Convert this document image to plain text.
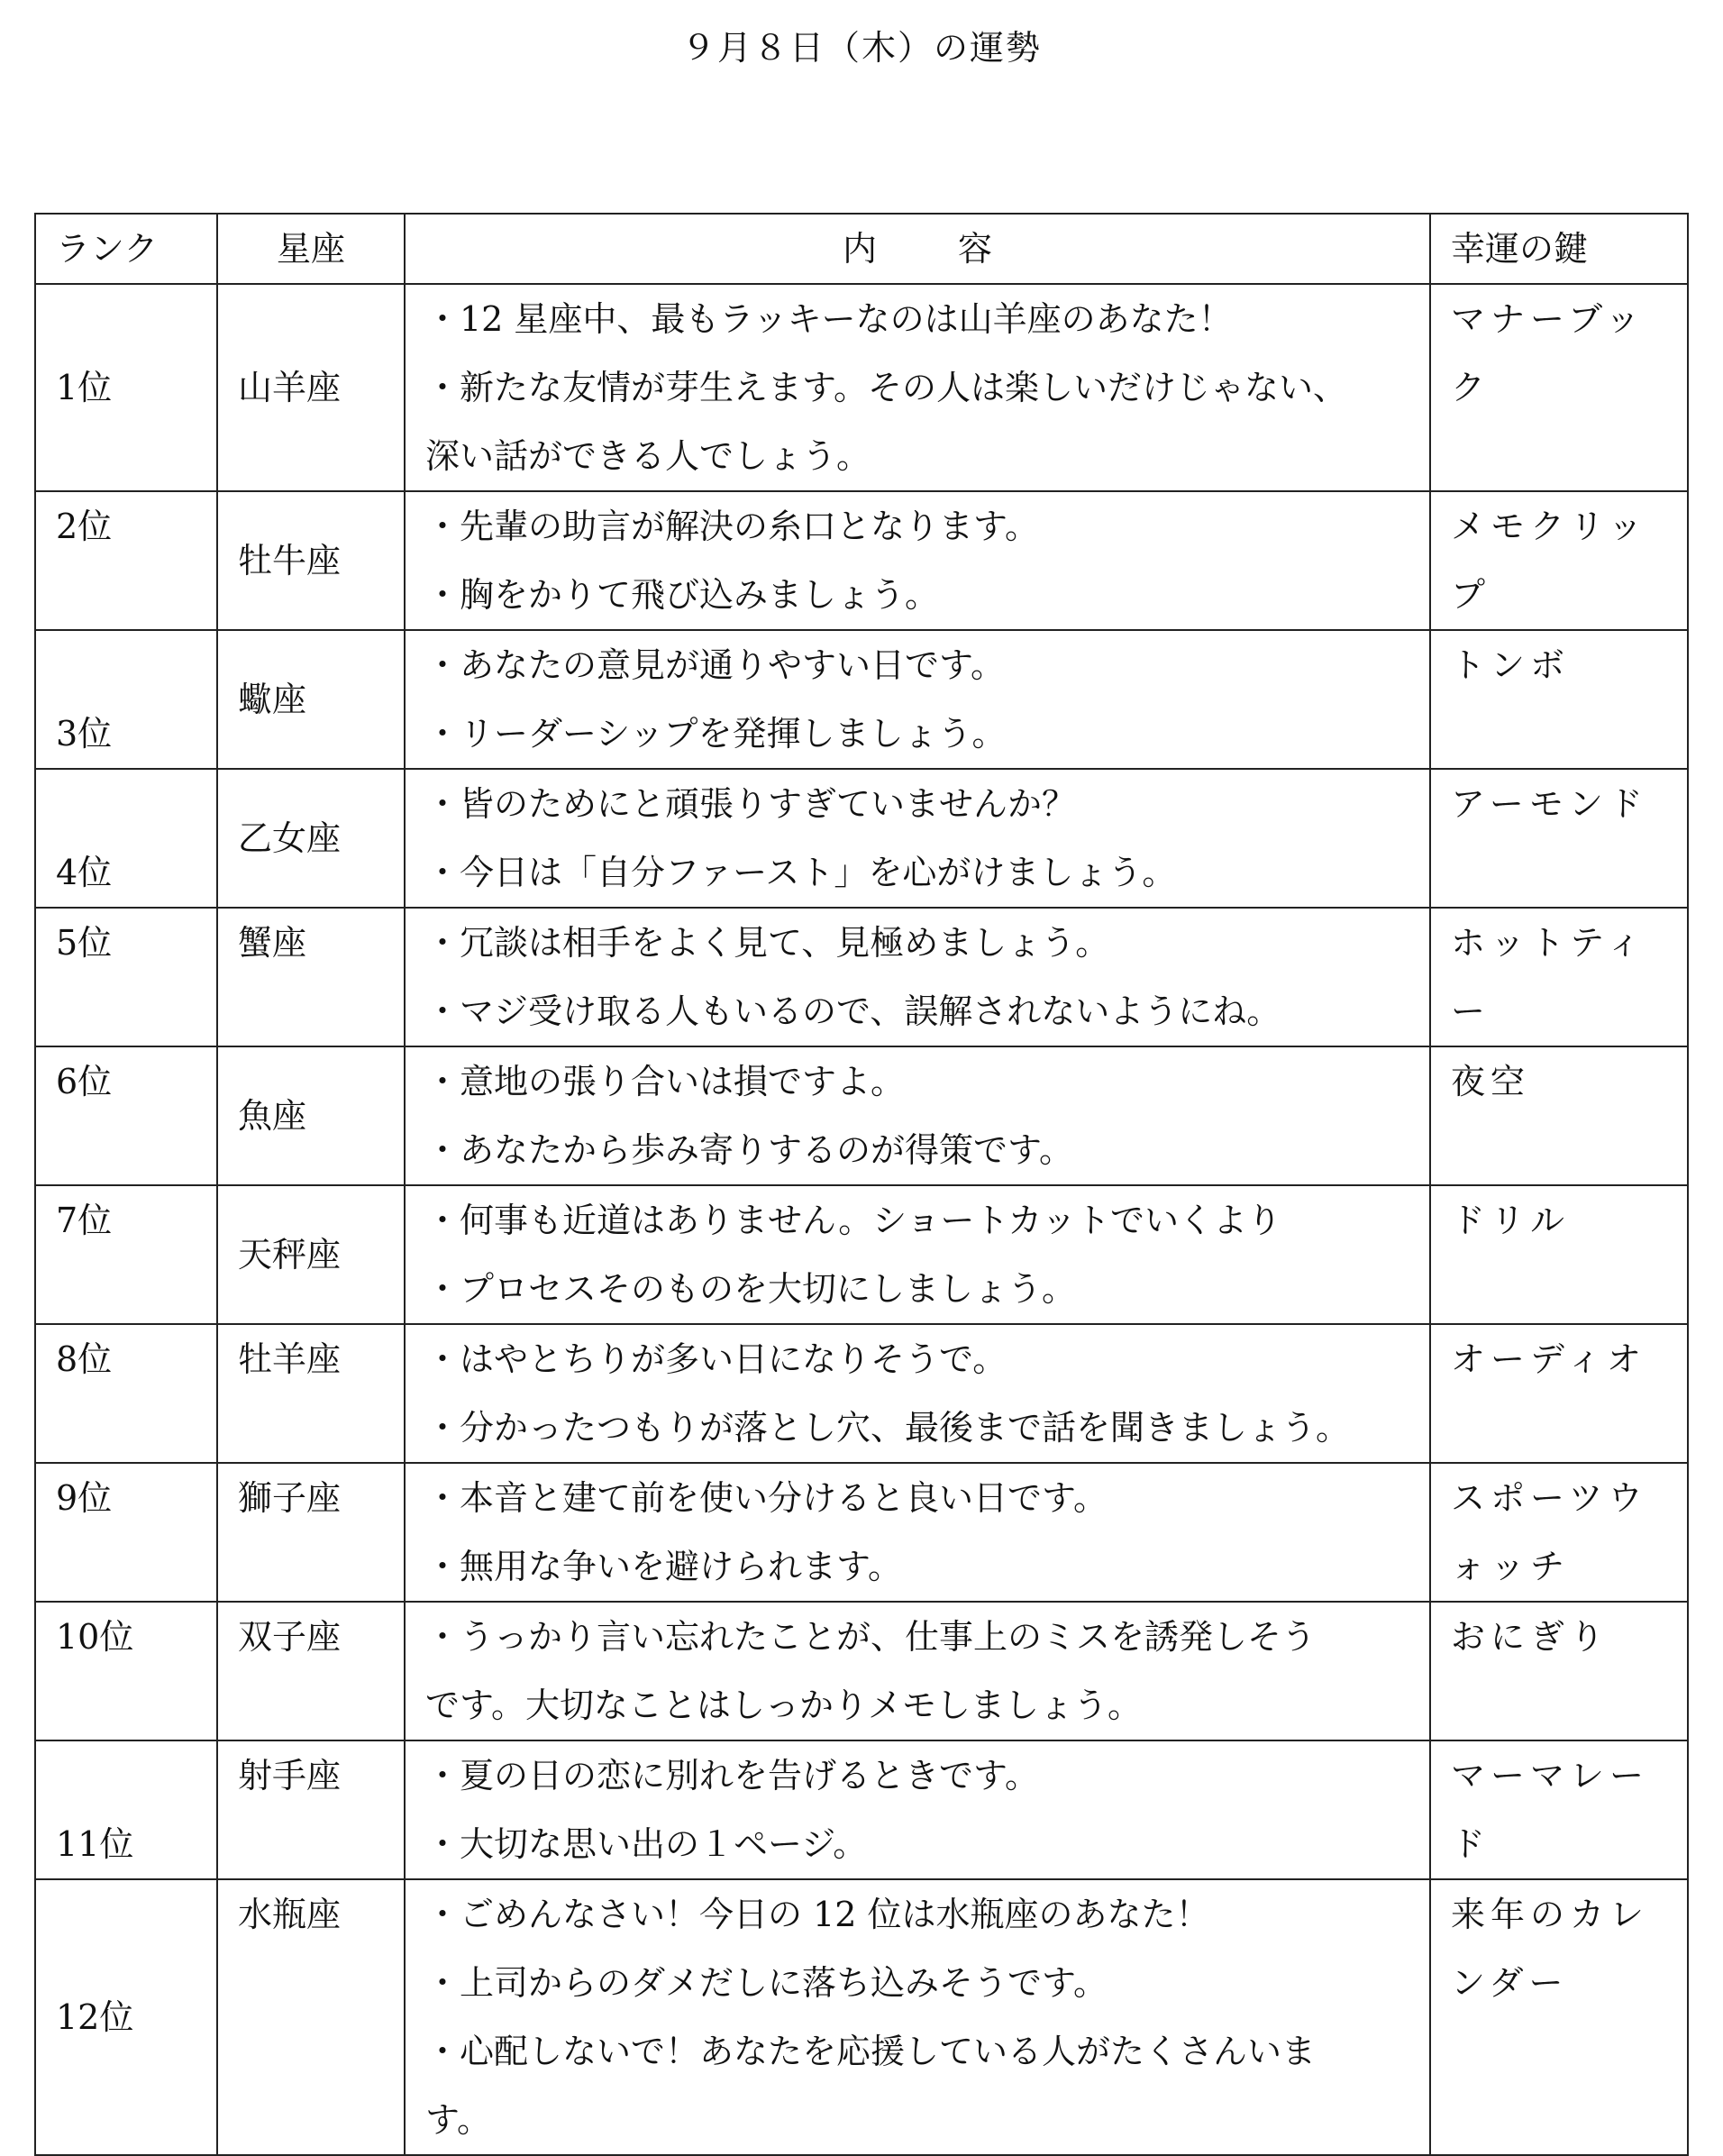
９月８日（木）の運勢
ランク	星座	内容	幸運の鍵
1位	山羊座	・12 星座中、最もラッキーなのは山羊座のあなた！
・新たな友情が芽生えます。その人は楽しいだけじゃない、
深い話ができる人でしょう。	マナーブック
2位	牡牛座	・先輩の助言が解決の糸口となります。
・胸をかりて飛び込みましょう。	メモクリップ
3位	蠍座	・あなたの意見が通りやすい日です。
・リーダーシップを発揮しましょう。	トンボ
4位	乙女座	・皆のためにと頑張りすぎていませんか？
・今日は「自分ファースト」を心がけましょう。	アーモンド
5位	蟹座	・冗談は相手をよく見て、見極めましょう。
・マジ受け取る人もいるので、誤解されないようにね。	ホットティー
6位	魚座	・意地の張り合いは損ですよ。
・あなたから歩み寄りするのが得策です。	夜空
7位	天秤座	・何事も近道はありません。ショートカットでいくより
・プロセスそのものを大切にしましょう。	ドリル
8位	牡羊座	・はやとちりが多い日になりそうで。
・分かったつもりが落とし穴、最後まで話を聞きましょう。	オーディオ
9位	獅子座	・本音と建て前を使い分けると良い日です。
・無用な争いを避けられます。	スポーツウォッチ
10位	双子座	・うっかり言い忘れたことが、仕事上のミスを誘発しそう
です。大切なことはしっかりメモしましょう。	おにぎり
11位	射手座	・夏の日の恋に別れを告げるときです。
・大切な思い出の１ページ。	マーマレード
12位	水瓶座	・ごめんなさい！今日の 12 位は水瓶座のあなた！
・上司からのダメだしに落ち込みそうです。
・心配しないで！あなたを応援している人がたくさんいま
す。	来年のカレンダー
